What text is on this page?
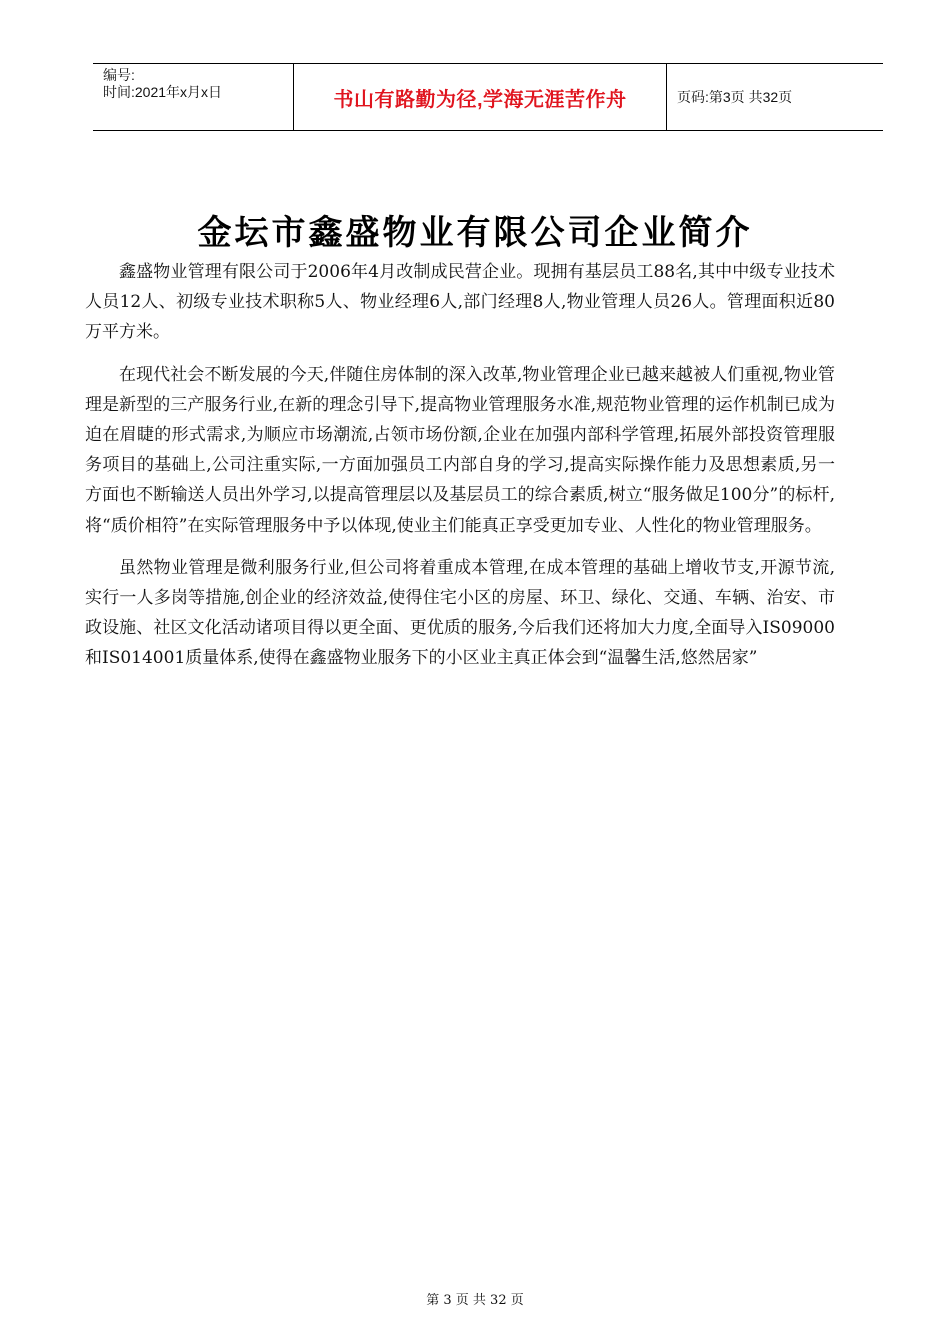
编号:
时间:2021年x月x日	书山有路勤为径,学海无涯苦作舟	页码:第3页 共32页
金坛市鑫盛物业有限公司企业简介

鑫盛物业管理有限公司于2006年4月改制成民营企业。现拥有基层员工88名,其中中级专业技术人员12人、初级专业技术职称5人、物业经理6人,部门经理8人,物业管理人员26人。管理面积近80万平方米。

在现代社会不断发展的今天,伴随住房体制的深入改革,物业管理企业已越来越被人们重视,物业管理是新型的三产服务行业,在新的理念引导下,提高物业管理服务水准,规范物业管理的运作机制已成为迫在眉睫的形式需求,为顺应市场潮流,占领市场份额,企业在加强内部科学管理,拓展外部投资管理服务项目的基础上,公司注重实际,一方面加强员工内部自身的学习,提高实际操作能力及思想素质,另一方面也不断输送人员出外学习,以提高管理层以及基层员工的综合素质,树立“服务做足100分”的标杆,将“质价相符”在实际管理服务中予以体现,使业主们能真正享受更加专业、人性化的物业管理服务。

虽然物业管理是微利服务行业,但公司将着重成本管理,在成本管理的基础上增收节支,开源节流,实行一人多岗等措施,创企业的经济效益,使得住宅小区的房屋、环卫、绿化、交通、车辆、治安、市政设施、社区文化活动诸项目得以更全面、更优质的服务,今后我们还将加大力度,全面导入IS09000和IS014001质量体系,使得在鑫盛物业服务下的小区业主真正体会到“温馨生活,悠然居家”

第 3 页 共 32 页
